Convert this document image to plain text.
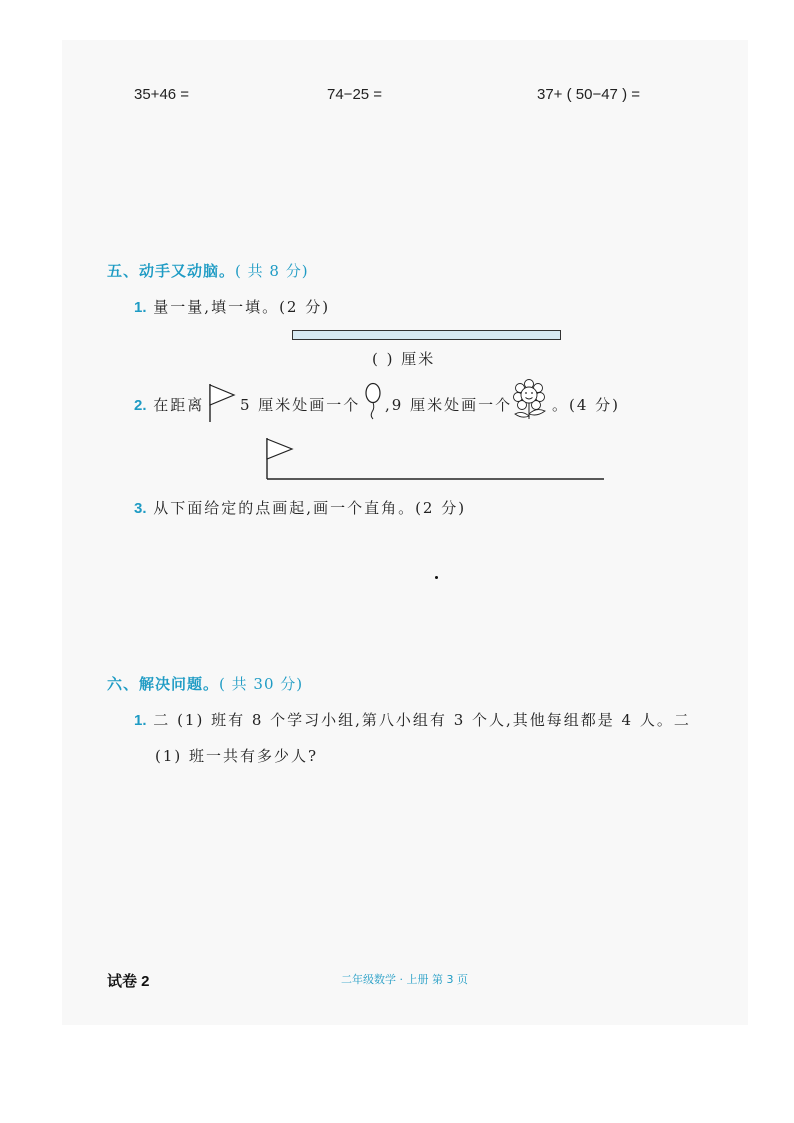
35+46 =	74−25 =	37+ ( 50−47 ) =
五、动手又动脑。( 共 8 分)
1. 量一量,填一填。(2 分)
( ) 厘米
2. 在距离 5 厘米处画一个 ,9 厘米处画一个	。(4 分)
3. 从下面给定的点画起,画一个直角。(2 分)
六、解决问题。( 共 30 分)
1. 二 (1) 班有 8 个学习小组,第八小组有 3 个人,其他每组都是 4 人。二
(1) 班一共有多少人?
试卷 2	二年级数学 · 上册 第 3 页
